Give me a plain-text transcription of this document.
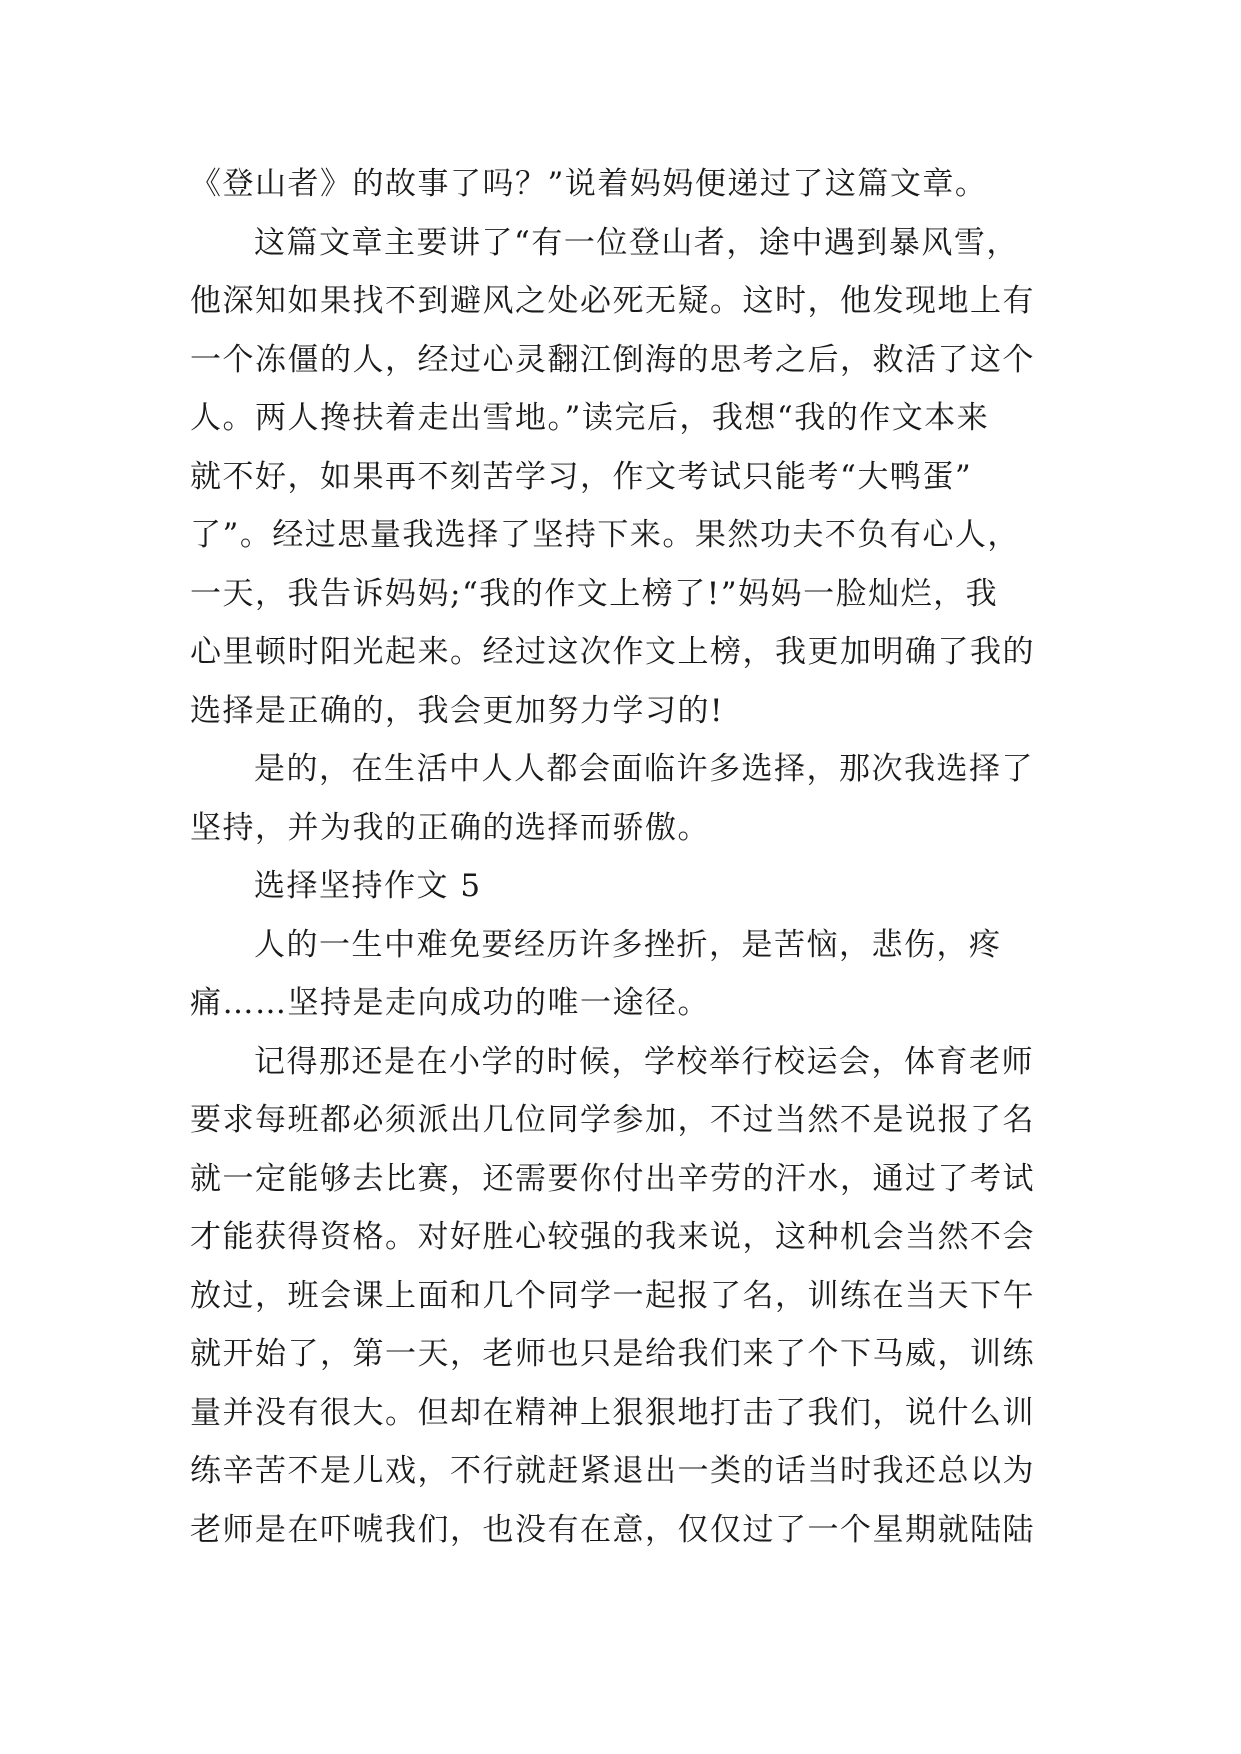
《登山者》的故事了吗？”说着妈妈便递过了这篇文章。
这篇文章主要讲了“有一位登山者，途中遇到暴风雪，
他深知如果找不到避风之处必死无疑。这时，他发现地上有
一个冻僵的人，经过心灵翻江倒海的思考之后，救活了这个
人。两人搀扶着走出雪地。”读完后，我想“我的作文本来
就不好，如果再不刻苦学习，作文考试只能考“大鸭蛋”
了”。经过思量我选择了坚持下来。果然功夫不负有心人，
一天，我告诉妈妈;“我的作文上榜了!”妈妈一脸灿烂，我
心里顿时阳光起来。经过这次作文上榜，我更加明确了我的
选择是正确的，我会更加努力学习的!
是的，在生活中人人都会面临许多选择，那次我选择了
坚持，并为我的正确的选择而骄傲。
选择坚持作文 5
人的一生中难免要经历许多挫折，是苦恼，悲伤，疼
痛……坚持是走向成功的唯一途径。
记得那还是在小学的时候，学校举行校运会，体育老师
要求每班都必须派出几位同学参加，不过当然不是说报了名
就一定能够去比赛，还需要你付出辛劳的汗水，通过了考试
才能获得资格。对好胜心较强的我来说，这种机会当然不会
放过，班会课上面和几个同学一起报了名，训练在当天下午
就开始了，第一天，老师也只是给我们来了个下马威，训练
量并没有很大。但却在精神上狠狠地打击了我们，说什么训
练辛苦不是儿戏，不行就赶紧退出一类的话当时我还总以为
老师是在吓唬我们，也没有在意，仅仅过了一个星期就陆陆
